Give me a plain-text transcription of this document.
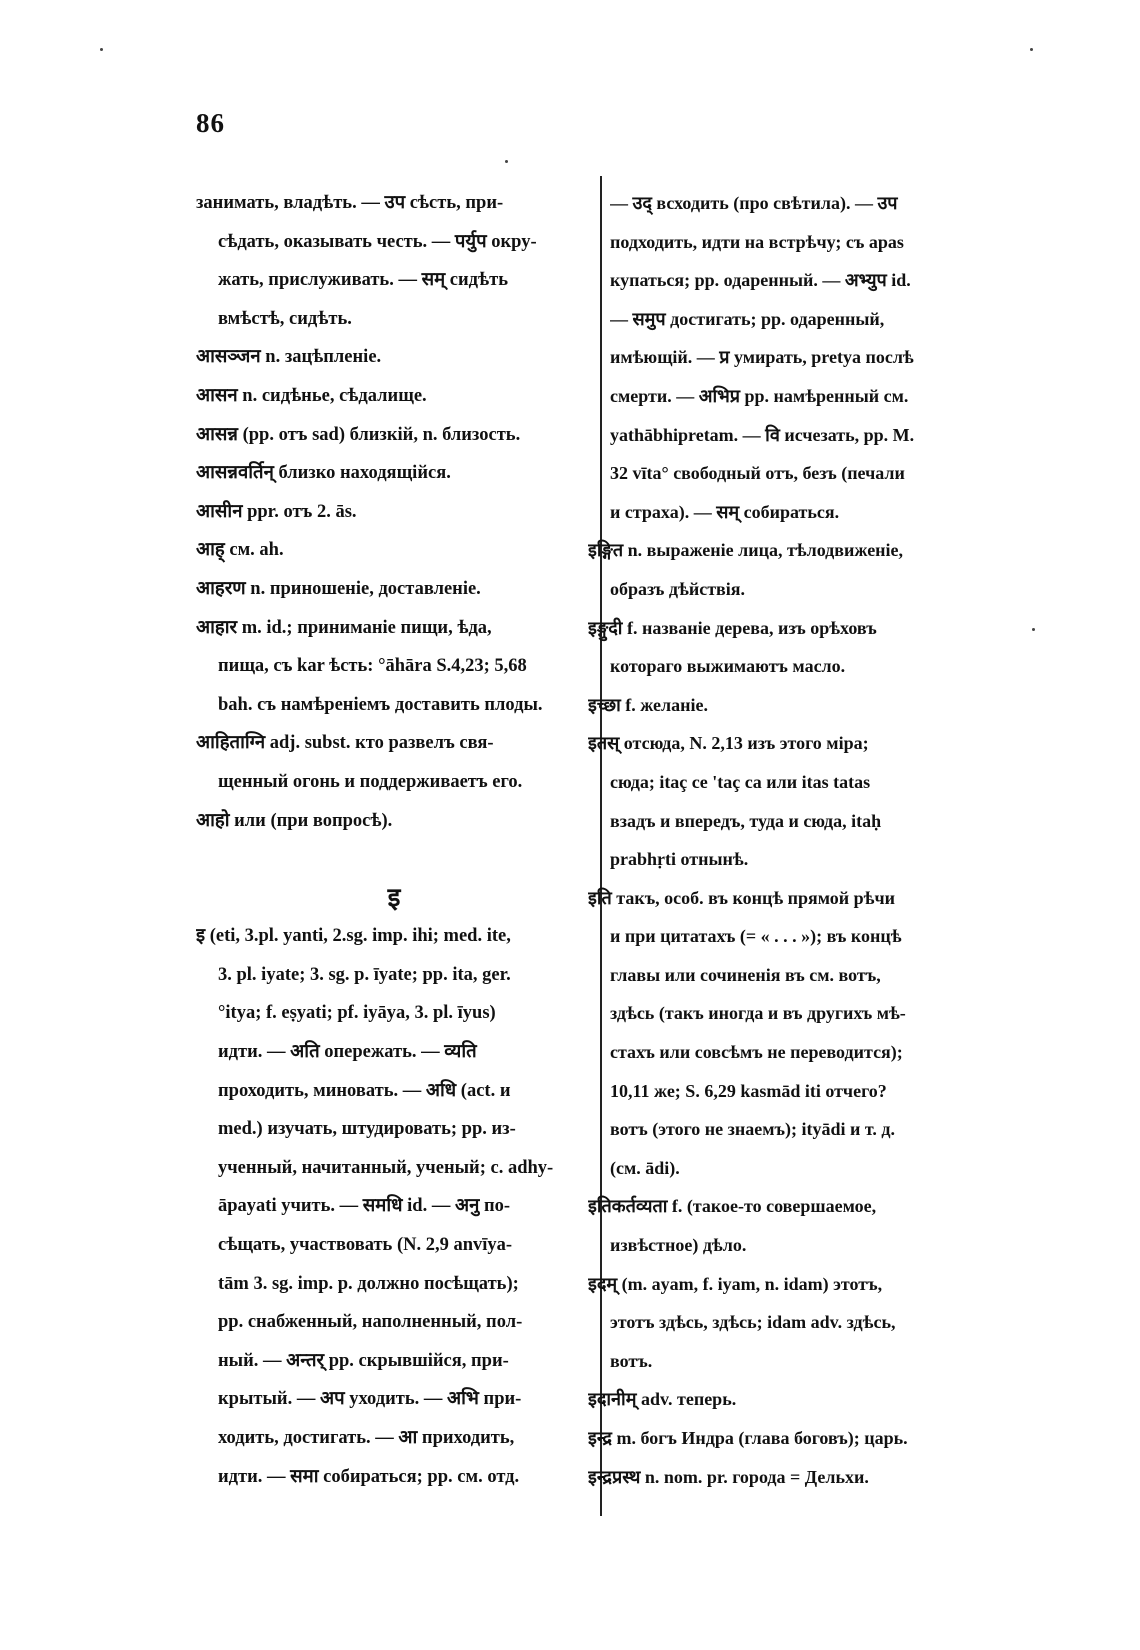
86
занимать, владѣть. — उप сѣсть, при-
сѣдать, оказывать честь. — पर्युप окру-
жать, прислуживать. — सम् сидѣть
вмѣстѣ, сидѣть.
आसञ्जन n. зацѣпленіе.
आसन n. сидѣнье, сѣдалище.
आसन्न (pp. отъ sad) близкій, n. близость.
आसन्नवर्तिन् близко находящійся.
आसीन ppr. отъ 2. ās.
आह् см. ah.
आहरण n. приношеніе, доставленіе.
आहार m. id.; приниманіе пищи, ѣда,
пища, съ kar ѣсть: °āhāra S.4,23; 5,68
bah. съ намѣреніемъ доставить плоды.
आहिताग्नि adj. subst. кто развелъ свя-
щенный огонь и поддерживаетъ его.
आहो или (при вопросѣ).
इ
इ (eti, 3.pl. yanti, 2.sg. imp. ihi; med. ite,
3. pl. iyate; 3. sg. p. īyate; pp. ita, ger.
°itya; f. eṣyati; pf. iyāya, 3. pl. īyus)
идти. — अति опережать. — व्यति
проходить, миновать. — अधि (act. и
med.) изучать, штудировать; pp. из-
ученный, начитанный, ученый; c. adhy-
āpayati учить. — समधि id. — अनु по-
сѣщать, участвовать (N. 2,9 anvīya-
tām 3. sg. imp. p. должно посѣщать);
pp. снабженный, наполненный, пол-
ный. — अन्तर् pp. скрывшійся, при-
крытый. — अप уходить. — अभि при-
ходить, достигать. — आ приходить,
идти. — समा собираться; pp. см. отд.
— उद् всходить (про свѣтила). — उप
подходить, идти на встрѣчу; съ apas
купаться; pp. одаренный. — अभ्युप id.
— समुप достигать; pp. одаренный,
имѣющій. — प्र умирать, pretya послѣ
смерти. — अभिप्र pp. намѣренный см.
yathābhipretam. — वि исчезать, pp. M.
32 vīta° свободный отъ, безъ (печали
и страха). — सम् собираться.
इङ्गित n. выраженіе лица, тѣлодвиженіе,
образъ дѣйствія.
इङ्गुदी f. названіе дерева, изъ орѣховъ
котораго выжимаютъ масло.
इच्छा f. желаніе.
इतस् отсюда, N. 2,13 изъ этого міра;
сюда; itaç ce 'taç ca или itas tatas
взадъ и впередъ, туда и сюда, itaḥ
prabhṛti отнынѣ.
इति такъ, особ. въ концѣ прямой рѣчи
и при цитатахъ (= « . . . »); въ концѣ
главы или сочиненія въ см. вотъ,
здѣсь (такъ иногда и въ другихъ мѣ-
стахъ или совсѣмъ не переводится);
10,11 же; S. 6,29 kasmād iti отчего?
вотъ (этого не знаемъ); ityādi и т. д.
(см. ādi).
इतिकर्तव्यता f. (такое-то совершаемое,
извѣстное) дѣло.
इदम् (m. ayam, f. iyam, n. idam) этотъ,
этотъ здѣсь, здѣсь; idam adv. здѣсь,
вотъ.
इदानीम् adv. теперь.
इन्द्र m. богъ Индра (глава боговъ); царь.
इन्द्रप्रस्थ n. nom. pr. города = Дельхи.
